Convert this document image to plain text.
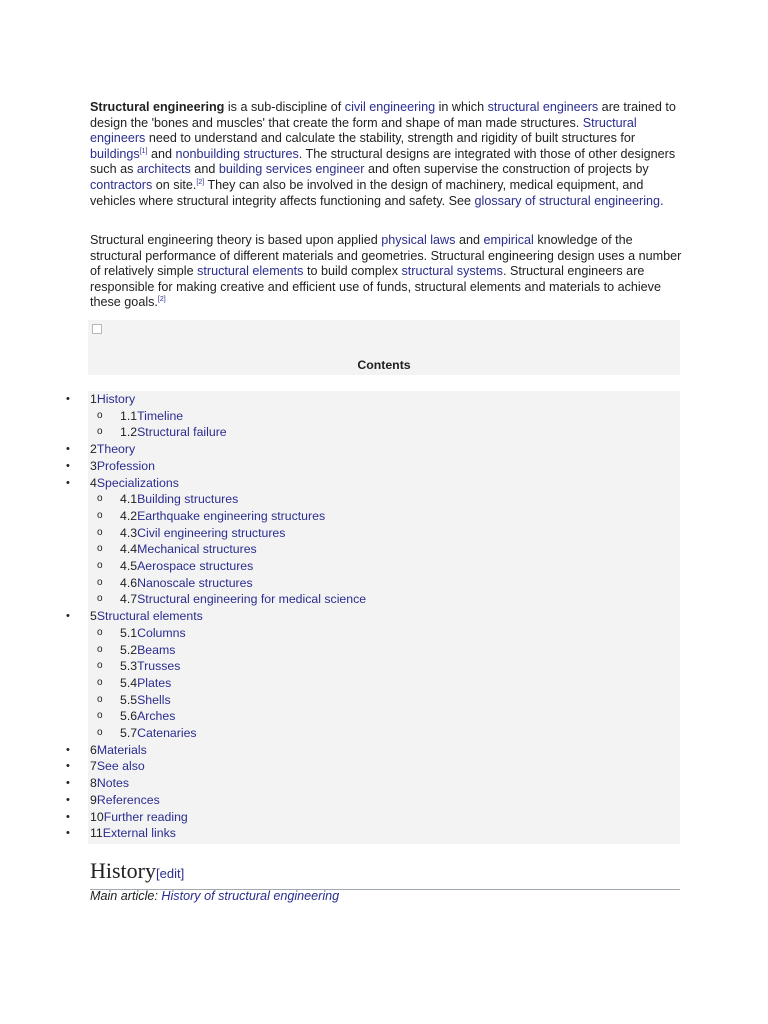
Structural engineering is a sub-discipline of civil engineering in which structural engineers are trained to design the 'bones and muscles' that create the form and shape of man made structures. Structural engineers need to understand and calculate the stability, strength and rigidity of built structures for buildings[1] and nonbuilding structures. The structural designs are integrated with those of other designers such as architects and building services engineer and often supervise the construction of projects by contractors on site.[2] They can also be involved in the design of machinery, medical equipment, and vehicles where structural integrity affects functioning and safety. See glossary of structural engineering.

Structural engineering theory is based upon applied physical laws and empirical knowledge of the structural performance of different materials and geometries. Structural engineering design uses a number of relatively simple structural elements to build complex structural systems. Structural engineers are responsible for making creative and efficient use of funds, structural elements and materials to achieve these goals.[2]

Contents
• 1History
o 1.1Timeline
o 1.2Structural failure
• 2Theory
• 3Profession
• 4Specializations
o 4.1Building structures
o 4.2Earthquake engineering structures
o 4.3Civil engineering structures
o 4.4Mechanical structures
o 4.5Aerospace structures
o 4.6Nanoscale structures
o 4.7Structural engineering for medical science
• 5Structural elements
o 5.1Columns
o 5.2Beams
o 5.3Trusses
o 5.4Plates
o 5.5Shells
o 5.6Arches
o 5.7Catenaries
• 6Materials
• 7See also
• 8Notes
• 9References
• 10Further reading
• 11External links
History[edit]
Main article: History of structural engineering
